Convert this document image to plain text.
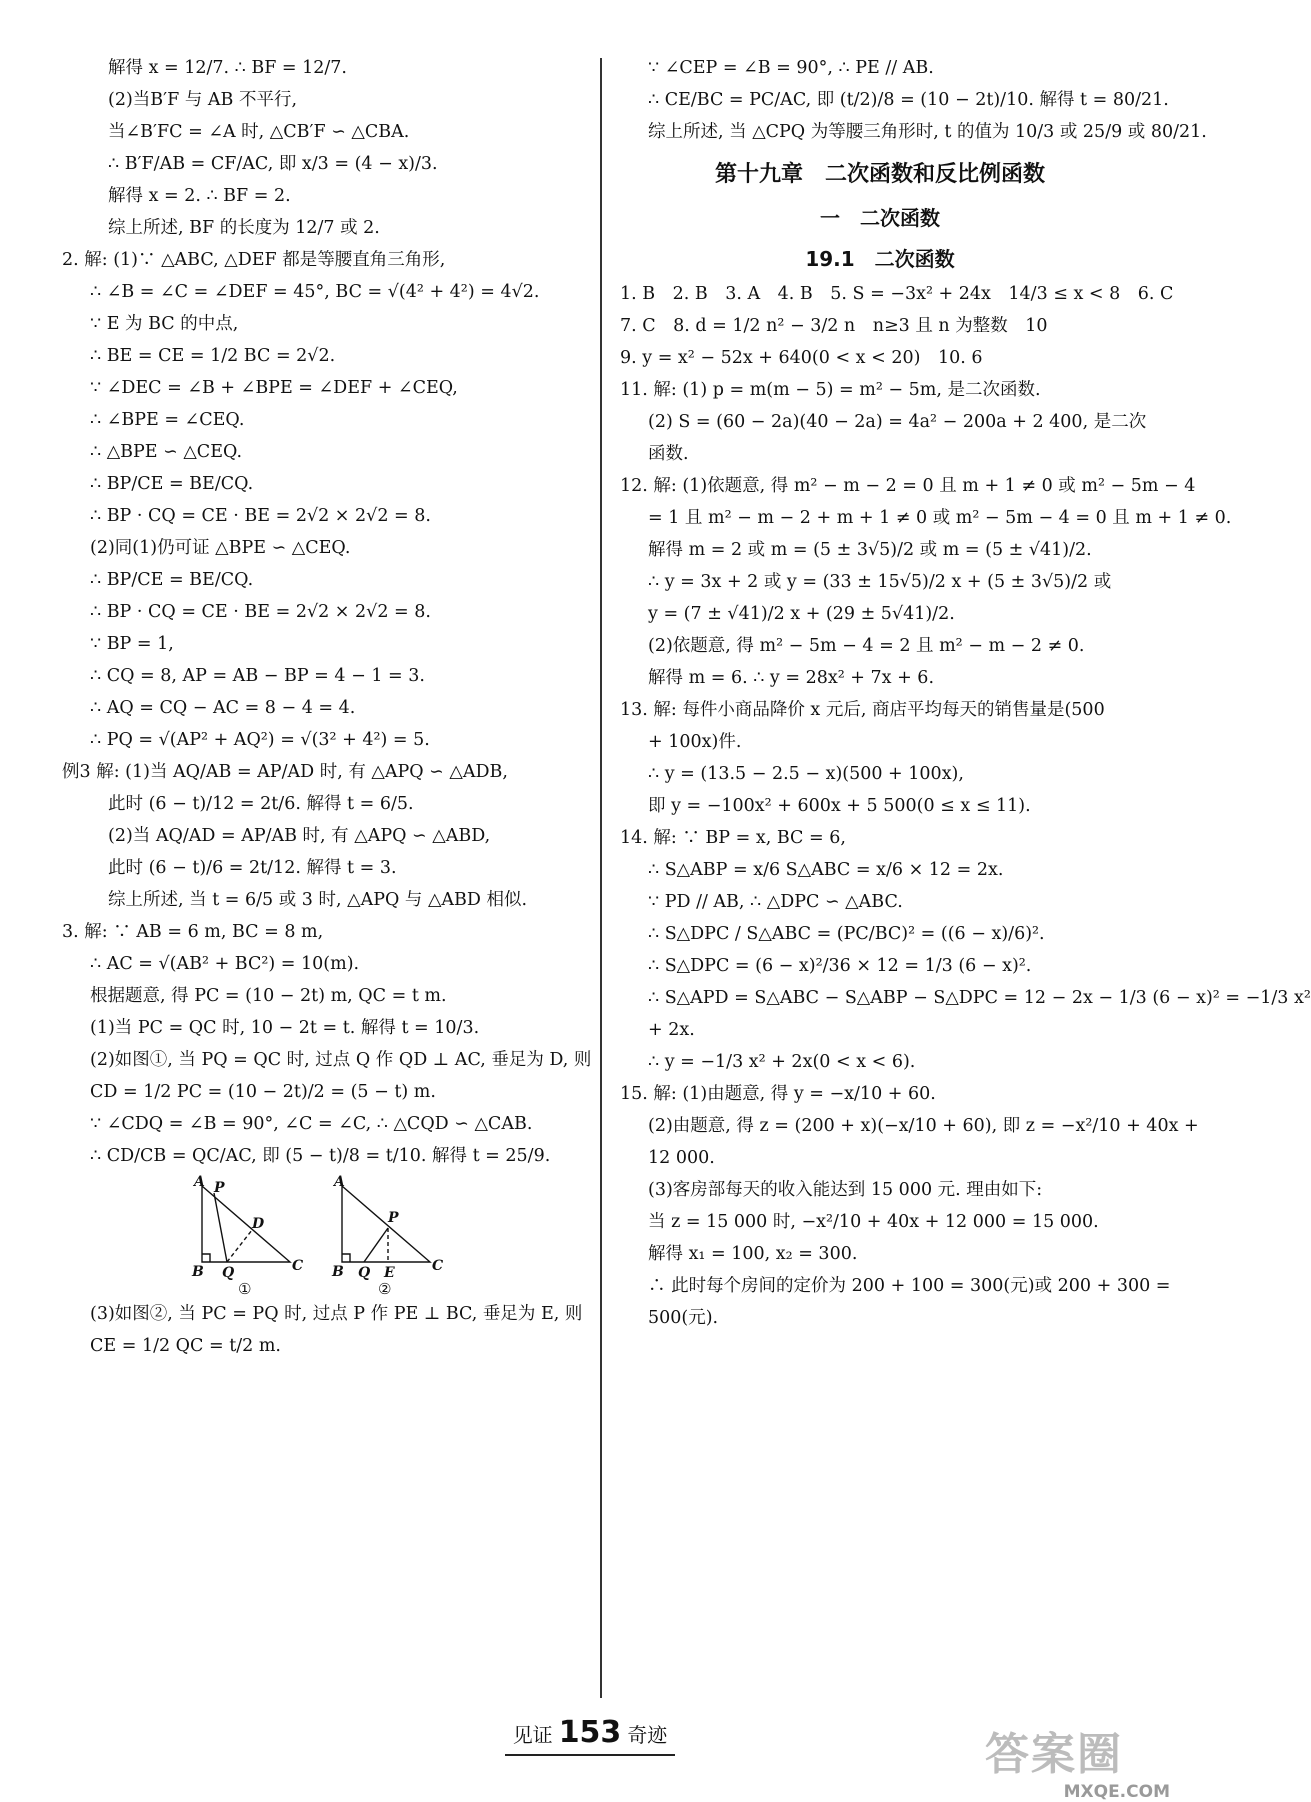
解得 x = 12/7. ∴ BF = 12/7.
(2)当B′F 与 AB 不平行,
当∠B′FC = ∠A 时, △CB′F ∽ △CBA.
∴ B′F/AB = CF/AC, 即 x/3 = (4 − x)/3.
解得 x = 2. ∴ BF = 2.
综上所述, BF 的长度为 12/7 或 2.
2. 解: (1)∵ △ABC, △DEF 都是等腰直角三角形,
∴ ∠B = ∠C = ∠DEF = 45°, BC = √(4² + 4²) = 4√2.
∵ E 为 BC 的中点,
∴ BE = CE = 1/2 BC = 2√2.
∵ ∠DEC = ∠B + ∠BPE = ∠DEF + ∠CEQ,
∴ ∠BPE = ∠CEQ.
∴ △BPE ∽ △CEQ.
∴ BP/CE = BE/CQ.
∴ BP · CQ = CE · BE = 2√2 × 2√2 = 8.
(2)同(1)仍可证 △BPE ∽ △CEQ.
∴ BP/CE = BE/CQ.
∴ BP · CQ = CE · BE = 2√2 × 2√2 = 8.
∵ BP = 1,
∴ CQ = 8, AP = AB − BP = 4 − 1 = 3.
∴ AQ = CQ − AC = 8 − 4 = 4.
∴ PQ = √(AP² + AQ²) = √(3² + 4²) = 5.
例3 解: (1)当 AQ/AB = AP/AD 时, 有 △APQ ∽ △ADB,
此时 (6 − t)/12 = 2t/6. 解得 t = 6/5.
(2)当 AQ/AD = AP/AB 时, 有 △APQ ∽ △ABD,
此时 (6 − t)/6 = 2t/12. 解得 t = 3.
综上所述, 当 t = 6/5 或 3 时, △APQ 与 △ABD 相似.
3. 解: ∵ AB = 6 m, BC = 8 m,
∴ AC = √(AB² + BC²) = 10(m).
根据题意, 得 PC = (10 − 2t) m, QC = t m.
(1)当 PC = QC 时, 10 − 2t = t. 解得 t = 10/3.
(2)如图①, 当 PQ = QC 时, 过点 Q 作 QD ⊥ AC, 垂足为 D, 则
CD = 1/2 PC = (10 − 2t)/2 = (5 − t) m.
∵ ∠CDQ = ∠B = 90°, ∠C = ∠C, ∴ △CQD ∽ △CAB.
∴ CD/CB = QC/AC, 即 (5 − t)/8 = t/10. 解得 t = 25/9.
A P
D
B Q	C
A
P
B Q E	C
①	②
(3)如图②, 当 PC = PQ 时, 过点 P 作 PE ⊥ BC, 垂足为 E, 则
CE = 1/2 QC = t/2 m.
∵ ∠CEP = ∠B = 90°, ∴ PE // AB.
∴ CE/BC = PC/AC, 即 (t/2)/8 = (10 − 2t)/10. 解得 t = 80/21.
综上所述, 当 △CPQ 为等腰三角形时, t 的值为 10/3 或 25/9 或 80/21.
第十九章　二次函数和反比例函数
一　二次函数
19.1　二次函数
1. B　2. B　3. A　4. B　5. S = −3x² + 24x　14/3 ≤ x < 8　6. C
7. C　8. d = 1/2 n² − 3/2 n　n≥3 且 n 为整数　10
9. y = x² − 52x + 640(0 < x < 20)　10. 6
11. 解: (1) p = m(m − 5) = m² − 5m, 是二次函数.
(2) S = (60 − 2a)(40 − 2a) = 4a² − 200a + 2 400, 是二次
函数.
12. 解: (1)依题意, 得 m² − m − 2 = 0 且 m + 1 ≠ 0 或 m² − 5m − 4
= 1 且 m² − m − 2 + m + 1 ≠ 0 或 m² − 5m − 4 = 0 且 m + 1 ≠ 0.
解得 m = 2 或 m = (5 ± 3√5)/2 或 m = (5 ± √41)/2.
∴ y = 3x + 2 或 y = (33 ± 15√5)/2 x + (5 ± 3√5)/2 或
y = (7 ± √41)/2 x + (29 ± 5√41)/2.
(2)依题意, 得 m² − 5m − 4 = 2 且 m² − m − 2 ≠ 0.
解得 m = 6. ∴ y = 28x² + 7x + 6.
13. 解: 每件小商品降价 x 元后, 商店平均每天的销售量是(500
+ 100x)件.
∴ y = (13.5 − 2.5 − x)(500 + 100x),
即 y = −100x² + 600x + 5 500(0 ≤ x ≤ 11).
14. 解: ∵ BP = x, BC = 6,
∴ S△ABP = x/6 S△ABC = x/6 × 12 = 2x.
∵ PD // AB, ∴ △DPC ∽ △ABC.
∴ S△DPC / S△ABC = (PC/BC)² = ((6 − x)/6)².
∴ S△DPC = (6 − x)²/36 × 12 = 1/3 (6 − x)².
∴ S△APD = S△ABC − S△ABP − S△DPC = 12 − 2x − 1/3 (6 − x)² = −1/3 x²
+ 2x.
∴ y = −1/3 x² + 2x(0 < x < 6).
15. 解: (1)由题意, 得 y = −x/10 + 60.
(2)由题意, 得 z = (200 + x)(−x/10 + 60), 即 z = −x²/10 + 40x +
12 000.
(3)客房部每天的收入能达到 15 000 元. 理由如下:
当 z = 15 000 时, −x²/10 + 40x + 12 000 = 15 000.
解得 x₁ = 100, x₂ = 300.
∴ 此时每个房间的定价为 200 + 100 = 300(元)或 200 + 300 =
500(元).
见证 153 奇迹	答案圈
MXQE.COM
